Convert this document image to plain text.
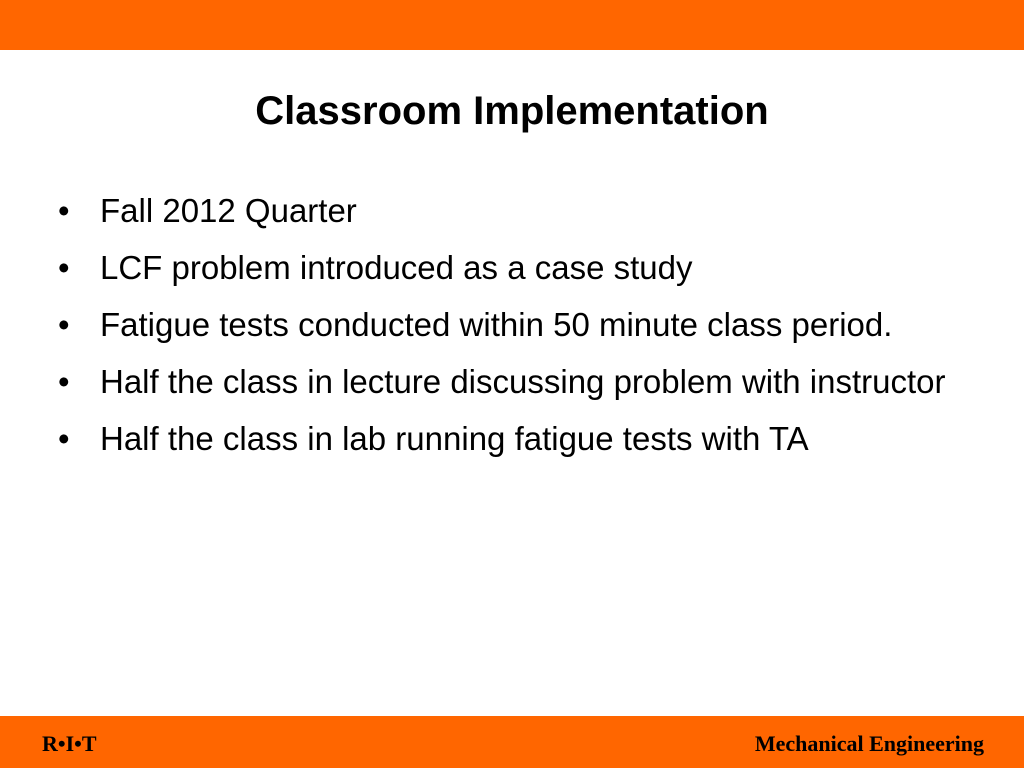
Classroom Implementation
• Fall 2012 Quarter
• LCF problem introduced as a case study
• Fatigue tests conducted within 50 minute class period.
• Half the class in lecture discussing problem with instructor
• Half the class in lab running fatigue tests with TA
R•I•T	Mechanical Engineering
